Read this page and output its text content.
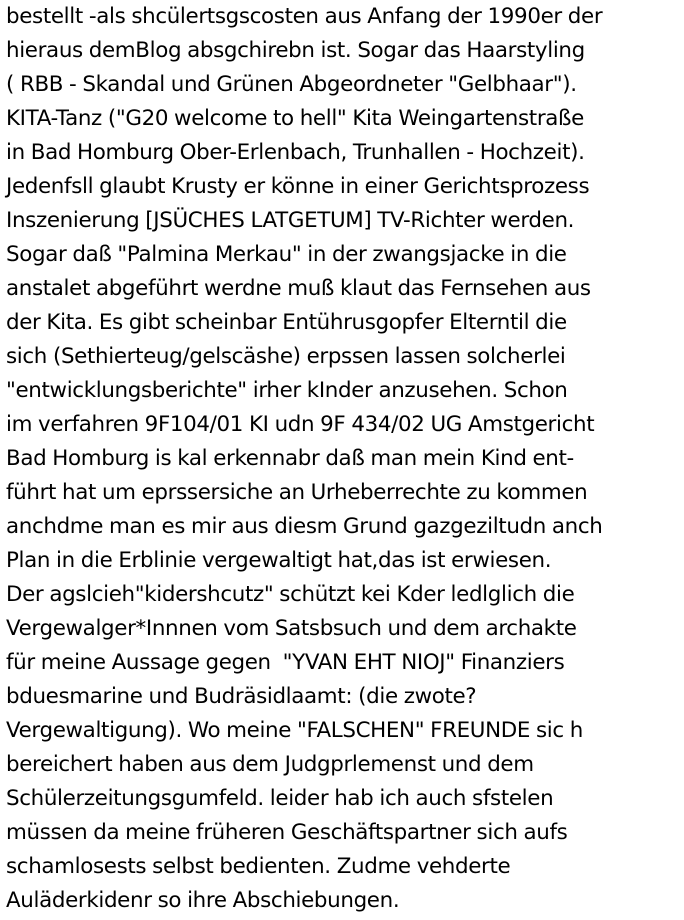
bestellt -als shcülertsgscosten aus Anfang der 1990er der
hieraus demBlog absgchirebn ist. Sogar das Haarstyling
( RBB - Skandal und Grünen Abgeordneter "Gelbhaar").
KITA-Tanz ("G20 welcome to hell" Kita Weingartenstraße
in Bad Homburg Ober-Erlenbach, Trunhallen - Hochzeit).
Jedenfsll glaubt Krusty er könne in einer Gerichtsprozess
Inszenierung [JSÜCHES LATGETUM] TV-Richter werden.
Sogar daß "Palmina Merkau" in der zwangsjacke in die
anstalet abgeführt werdne muß klaut das Fernsehen aus
der Kita. Es gibt scheinbar Entührusgopfer Elterntil die
sich (Sethierteug/gelscäshe) erpssen lassen solcherlei
"entwicklungsberichte" irher kInder anzusehen. Schon
im verfahren 9F104/01 KI udn 9F 434/02 UG Amstgericht
Bad Homburg is kal erkennabr daß man mein Kind ent-
führt hat um eprssersiche an Urheberrechte zu kommen
anchdme man es mir aus diesm Grund gazgeziltudn anch
Plan in die Erblinie vergewaltigt hat,das ist erwiesen.
Der agslcieh"kidershcutz" schützt kei Kder ledlglich die
Vergewalger*Innnen vom Satsbsuch und dem archakte
für meine Aussage gegen  "YVAN EHT NIOJ" Finanziers
bduesmarine und Budräsidlaamt: (die zwote?
Vergewaltigung). Wo meine "FALSCHEN" FREUNDE sic h
bereichert haben aus dem Judgprlemenst und dem
Schülerzeitungsgumfeld. leider hab ich auch sfstelen
müssen da meine früheren Geschäftspartner sich aufs
schamlosests selbst bedienten. Zudme vehderte
Auläderkidenr so ihre Abschiebungen.
